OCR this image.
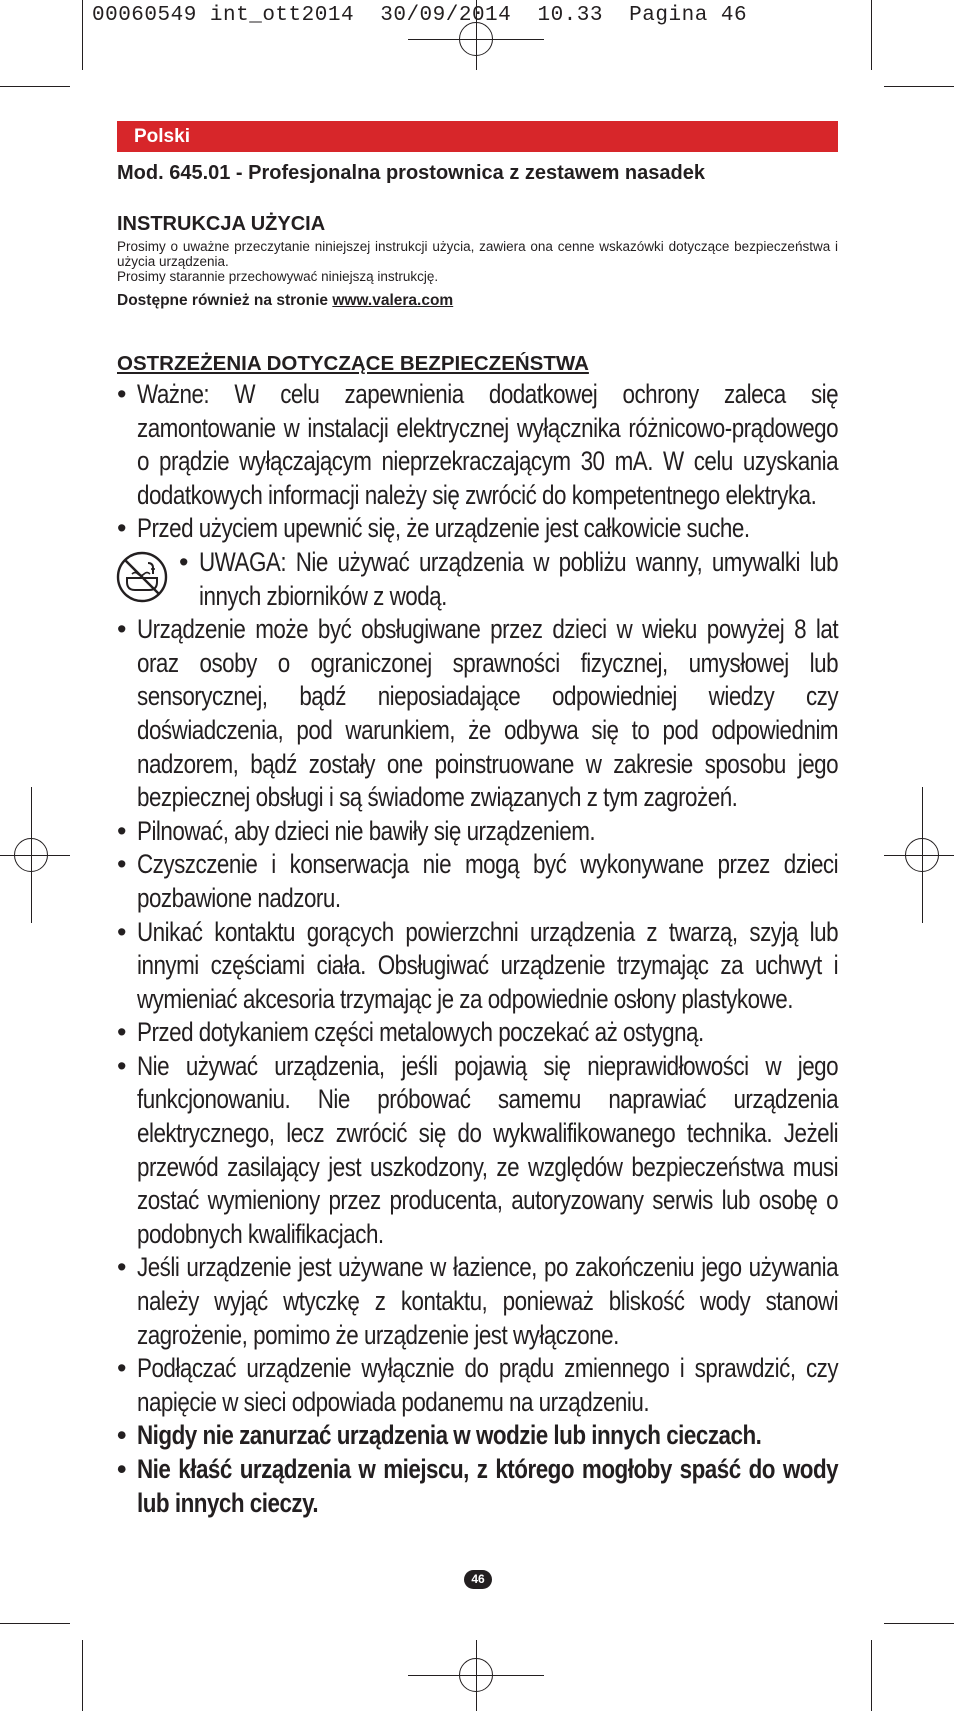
00060549 int_ott2014  30/09/2014  10.33  Pagina 46
Polski
Mod. 645.01 - Profesjonalna prostownica z zestawem nasadek
INSTRUKCJA UŻYCIA

Prosimy o uważne przeczytanie niniejszej instrukcji użycia, zawiera ona cenne wskazówki dotyczące bezpieczeństwa i użycia urządzenia.

Prosimy starannie przechowywać niniejszą instrukcję.

Dostępne również na stronie www.valera.com

OSTRZEŻENIA DOTYCZĄCE BEZPIECZEŃSTWA
• Ważne: W celu zapewnienia dodatkowej ochrony zaleca się zamontowanie w instalacji elektrycznej wyłącznika różnicowo-prądowego o prądzie wyłączającym nieprzekraczającym 30 mA. W celu uzyskania dodatkowych informacji należy się zwrócić do kompetentnego elektryka.
• Przed użyciem upewnić się, że urządzenie jest całkowicie suche.
• UWAGA: Nie używać urządzenia w pobliżu wanny, umywalki lub innych zbiorników z wodą.
• Urządzenie może być obsługiwane przez dzieci w wieku powyżej 8 lat oraz osoby o ograniczonej sprawności fizycznej, umysłowej lub sensorycznej, bądź nieposiadające odpowiedniej wiedzy czy doświadczenia, pod warunkiem, że odbywa się to pod odpowiednim nadzorem, bądź zostały one poinstruowane w zakresie sposobu jego bezpiecznej obsługi i są świadome związanych z tym zagrożeń.
• Pilnować, aby dzieci nie bawiły się urządzeniem.
• Czyszczenie i konserwacja nie mogą być wykonywane przez dzieci pozbawione nadzoru.
• Unikać kontaktu gorących powierzchni urządzenia z twarzą, szyją lub innymi częściami ciała. Obsługiwać urządzenie trzymając za uchwyt i wymieniać akcesoria trzymając je za odpowiednie osłony plastykowe.
• Przed dotykaniem części metalowych poczekać aż ostygną.
• Nie używać urządzenia, jeśli pojawią się nieprawidłowości w jego funkcjonowaniu. Nie próbować samemu naprawiać urządzenia elektrycznego, lecz zwrócić się do wykwalifikowanego technika. Jeżeli przewód zasilający jest uszkodzony, ze względów bezpieczeństwa musi zostać wymieniony przez producenta, autoryzowany serwis lub osobę o podobnych kwalifikacjach.
• Jeśli urządzenie jest używane w łazience, po zakończeniu jego używania należy wyjąć wtyczkę z kontaktu, ponieważ bliskość wody stanowi zagrożenie, pomimo że urządzenie jest wyłączone.
• Podłączać urządzenie wyłącznie do prądu zmiennego i sprawdzić, czy napięcie w sieci odpowiada podanemu na urządzeniu.
• Nigdy nie zanurzać urządzenia w wodzie lub innych cieczach.
• Nie kłaść urządzenia w miejscu, z którego mogłoby spaść do wody lub innych cieczy.
46
